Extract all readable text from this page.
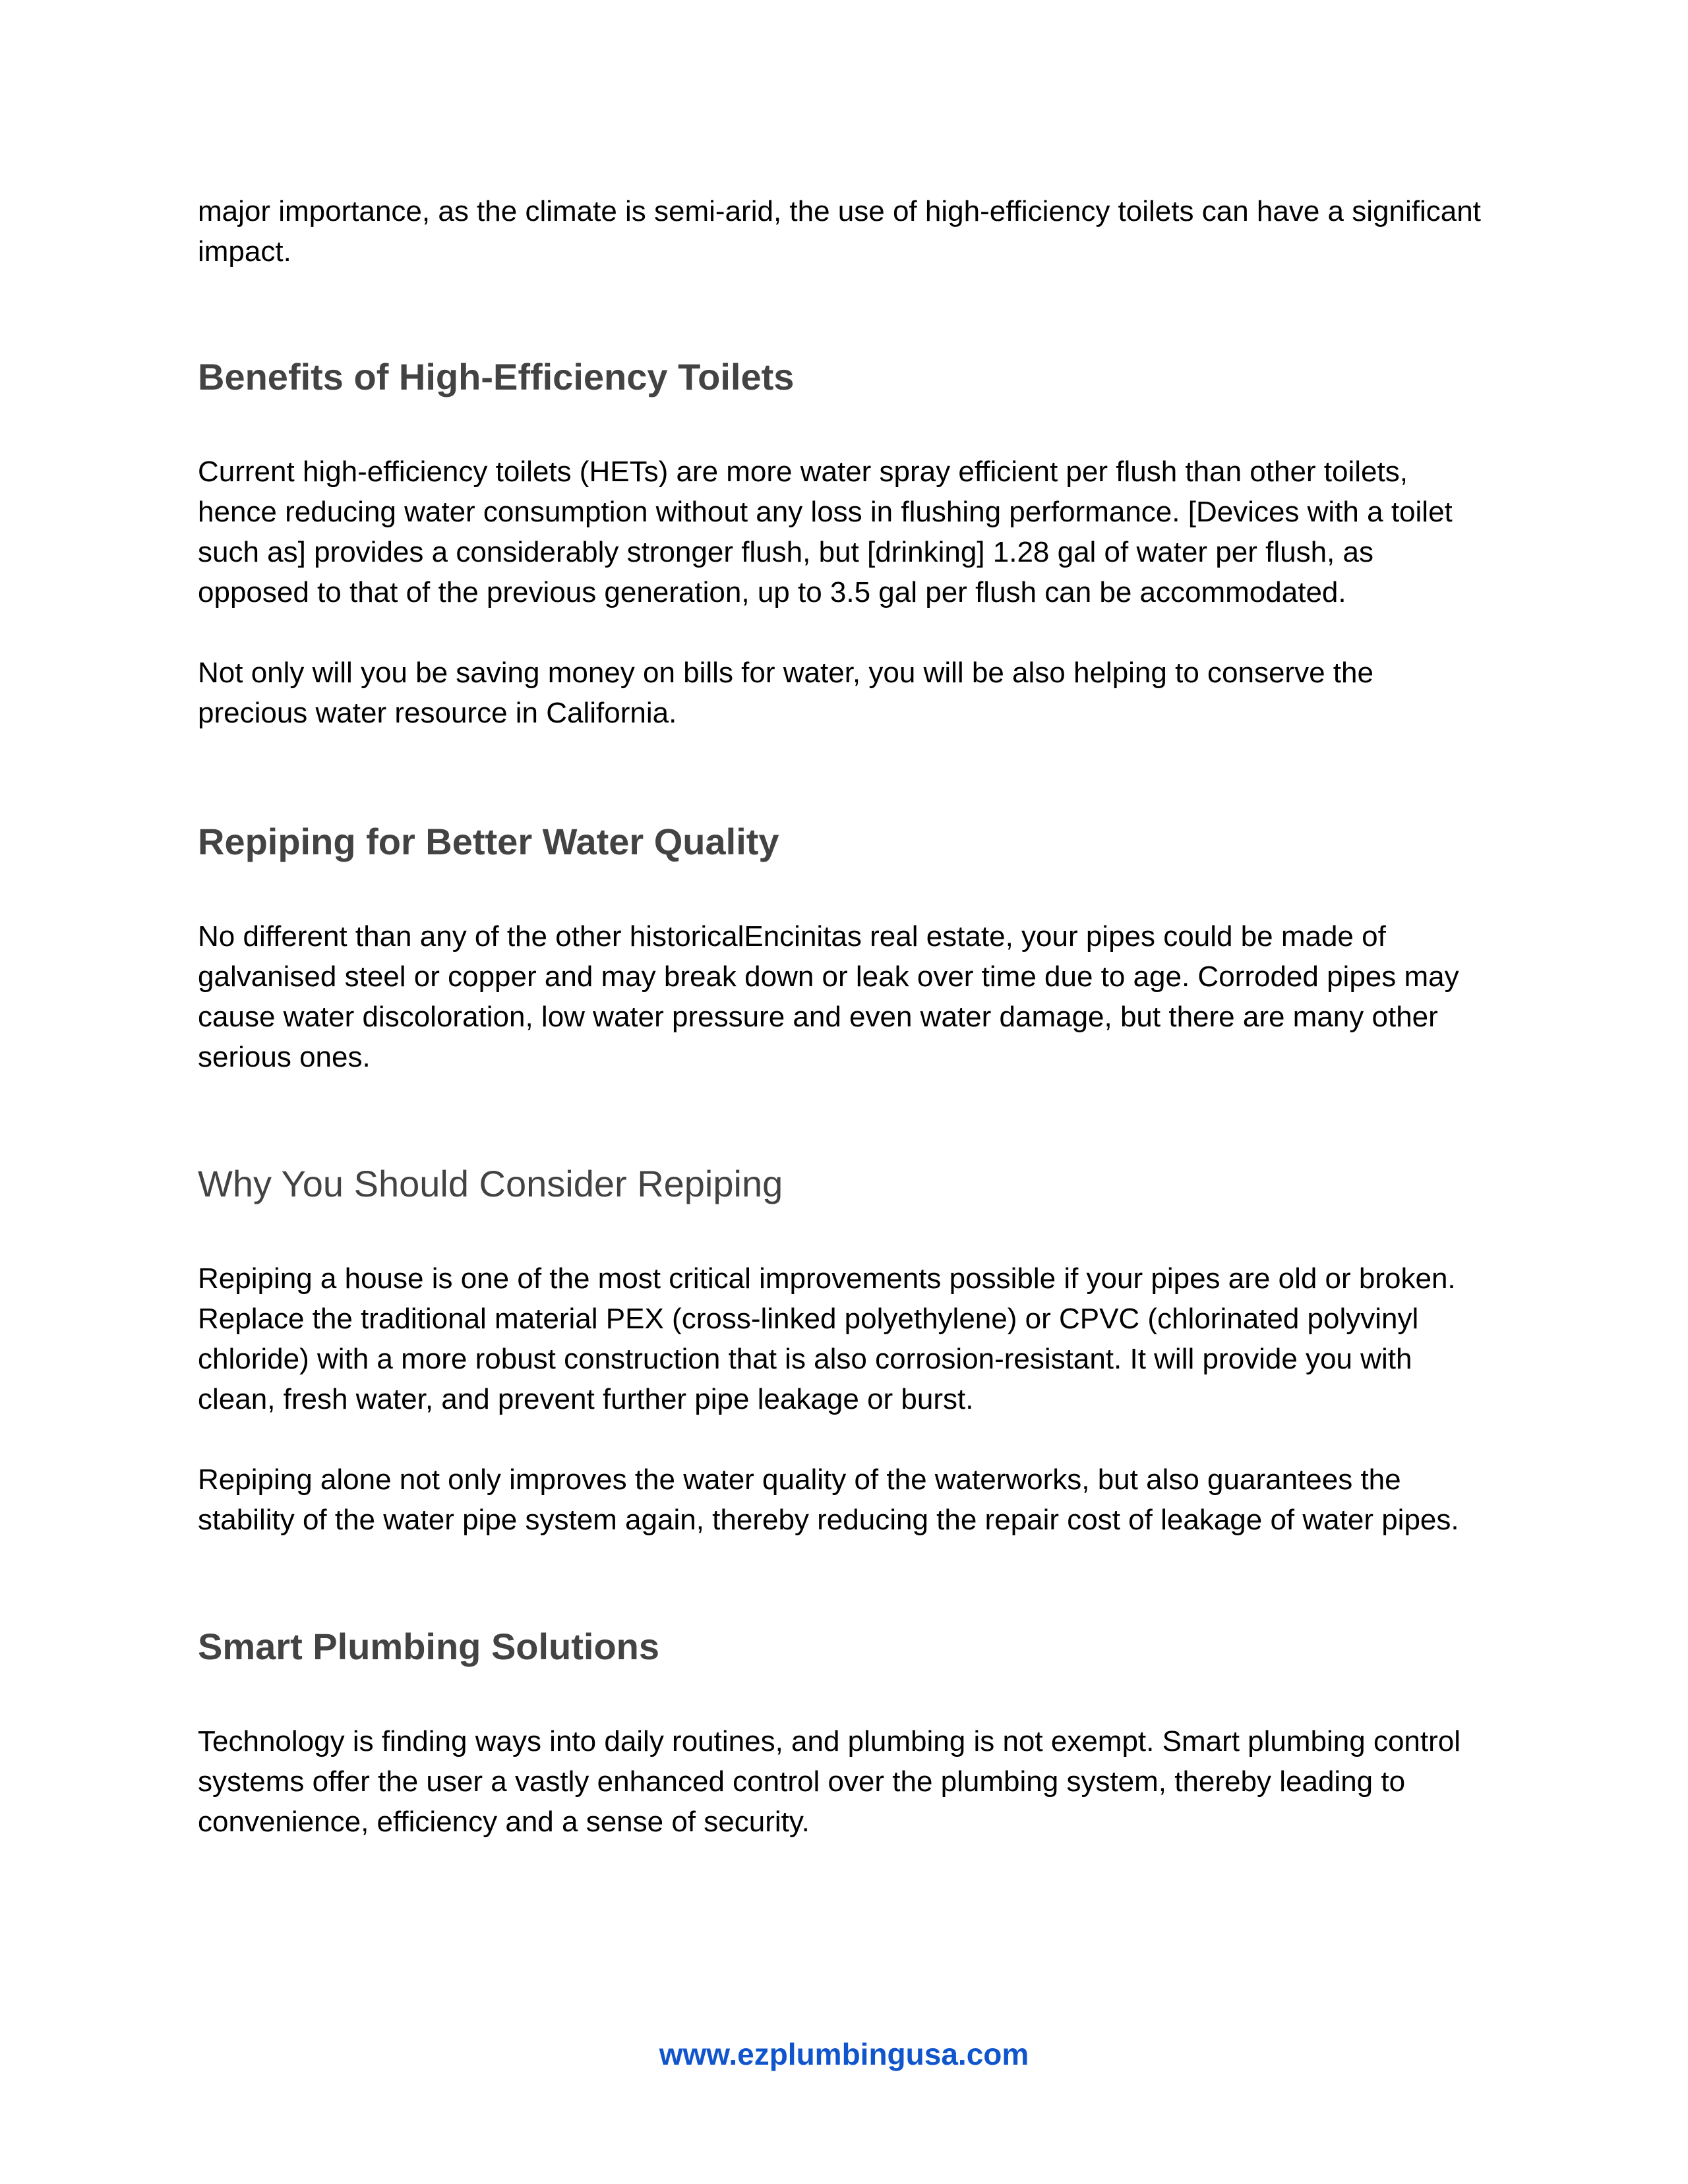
major importance, as the climate is semi-arid, the use of high-efficiency toilets can have a significant impact.

Benefits of High-Efficiency Toilets

Current high-efficiency toilets (HETs) are more water spray efficient per flush than other toilets, hence reducing water consumption without any loss in flushing performance. [Devices with a toilet such as] provides a considerably stronger flush, but [drinking] 1.28 gal of water per flush, as opposed to that of the previous generation, up to 3.5 gal per flush can be accommodated.

Not only will you be saving money on bills for water, you will be also helping to conserve the precious water resource in California.

Repiping for Better Water Quality

No different than any of the other historicalEncinitas real estate, your pipes could be made of galvanised steel or copper and may break down or leak over time due to age. Corroded pipes may cause water discoloration, low water pressure and even water damage, but there are many other serious ones.

Why You Should Consider Repiping

Repiping a house is one of the most critical improvements possible if your pipes are old or broken. Replace the traditional material PEX (cross-linked polyethylene) or CPVC (chlorinated polyvinyl chloride) with a more robust construction that is also corrosion-resistant. It will provide you with clean, fresh water, and prevent further pipe leakage or burst.

Repiping alone not only improves the water quality of the waterworks, but also guarantees the stability of the water pipe system again, thereby reducing the repair cost of leakage of water pipes.

Smart Plumbing Solutions

Technology is finding ways into daily routines, and plumbing is not exempt. Smart plumbing control systems offer the user a vastly enhanced control over the plumbing system, thereby leading to convenience, efficiency and a sense of security.

www.ezplumbingusa.com
